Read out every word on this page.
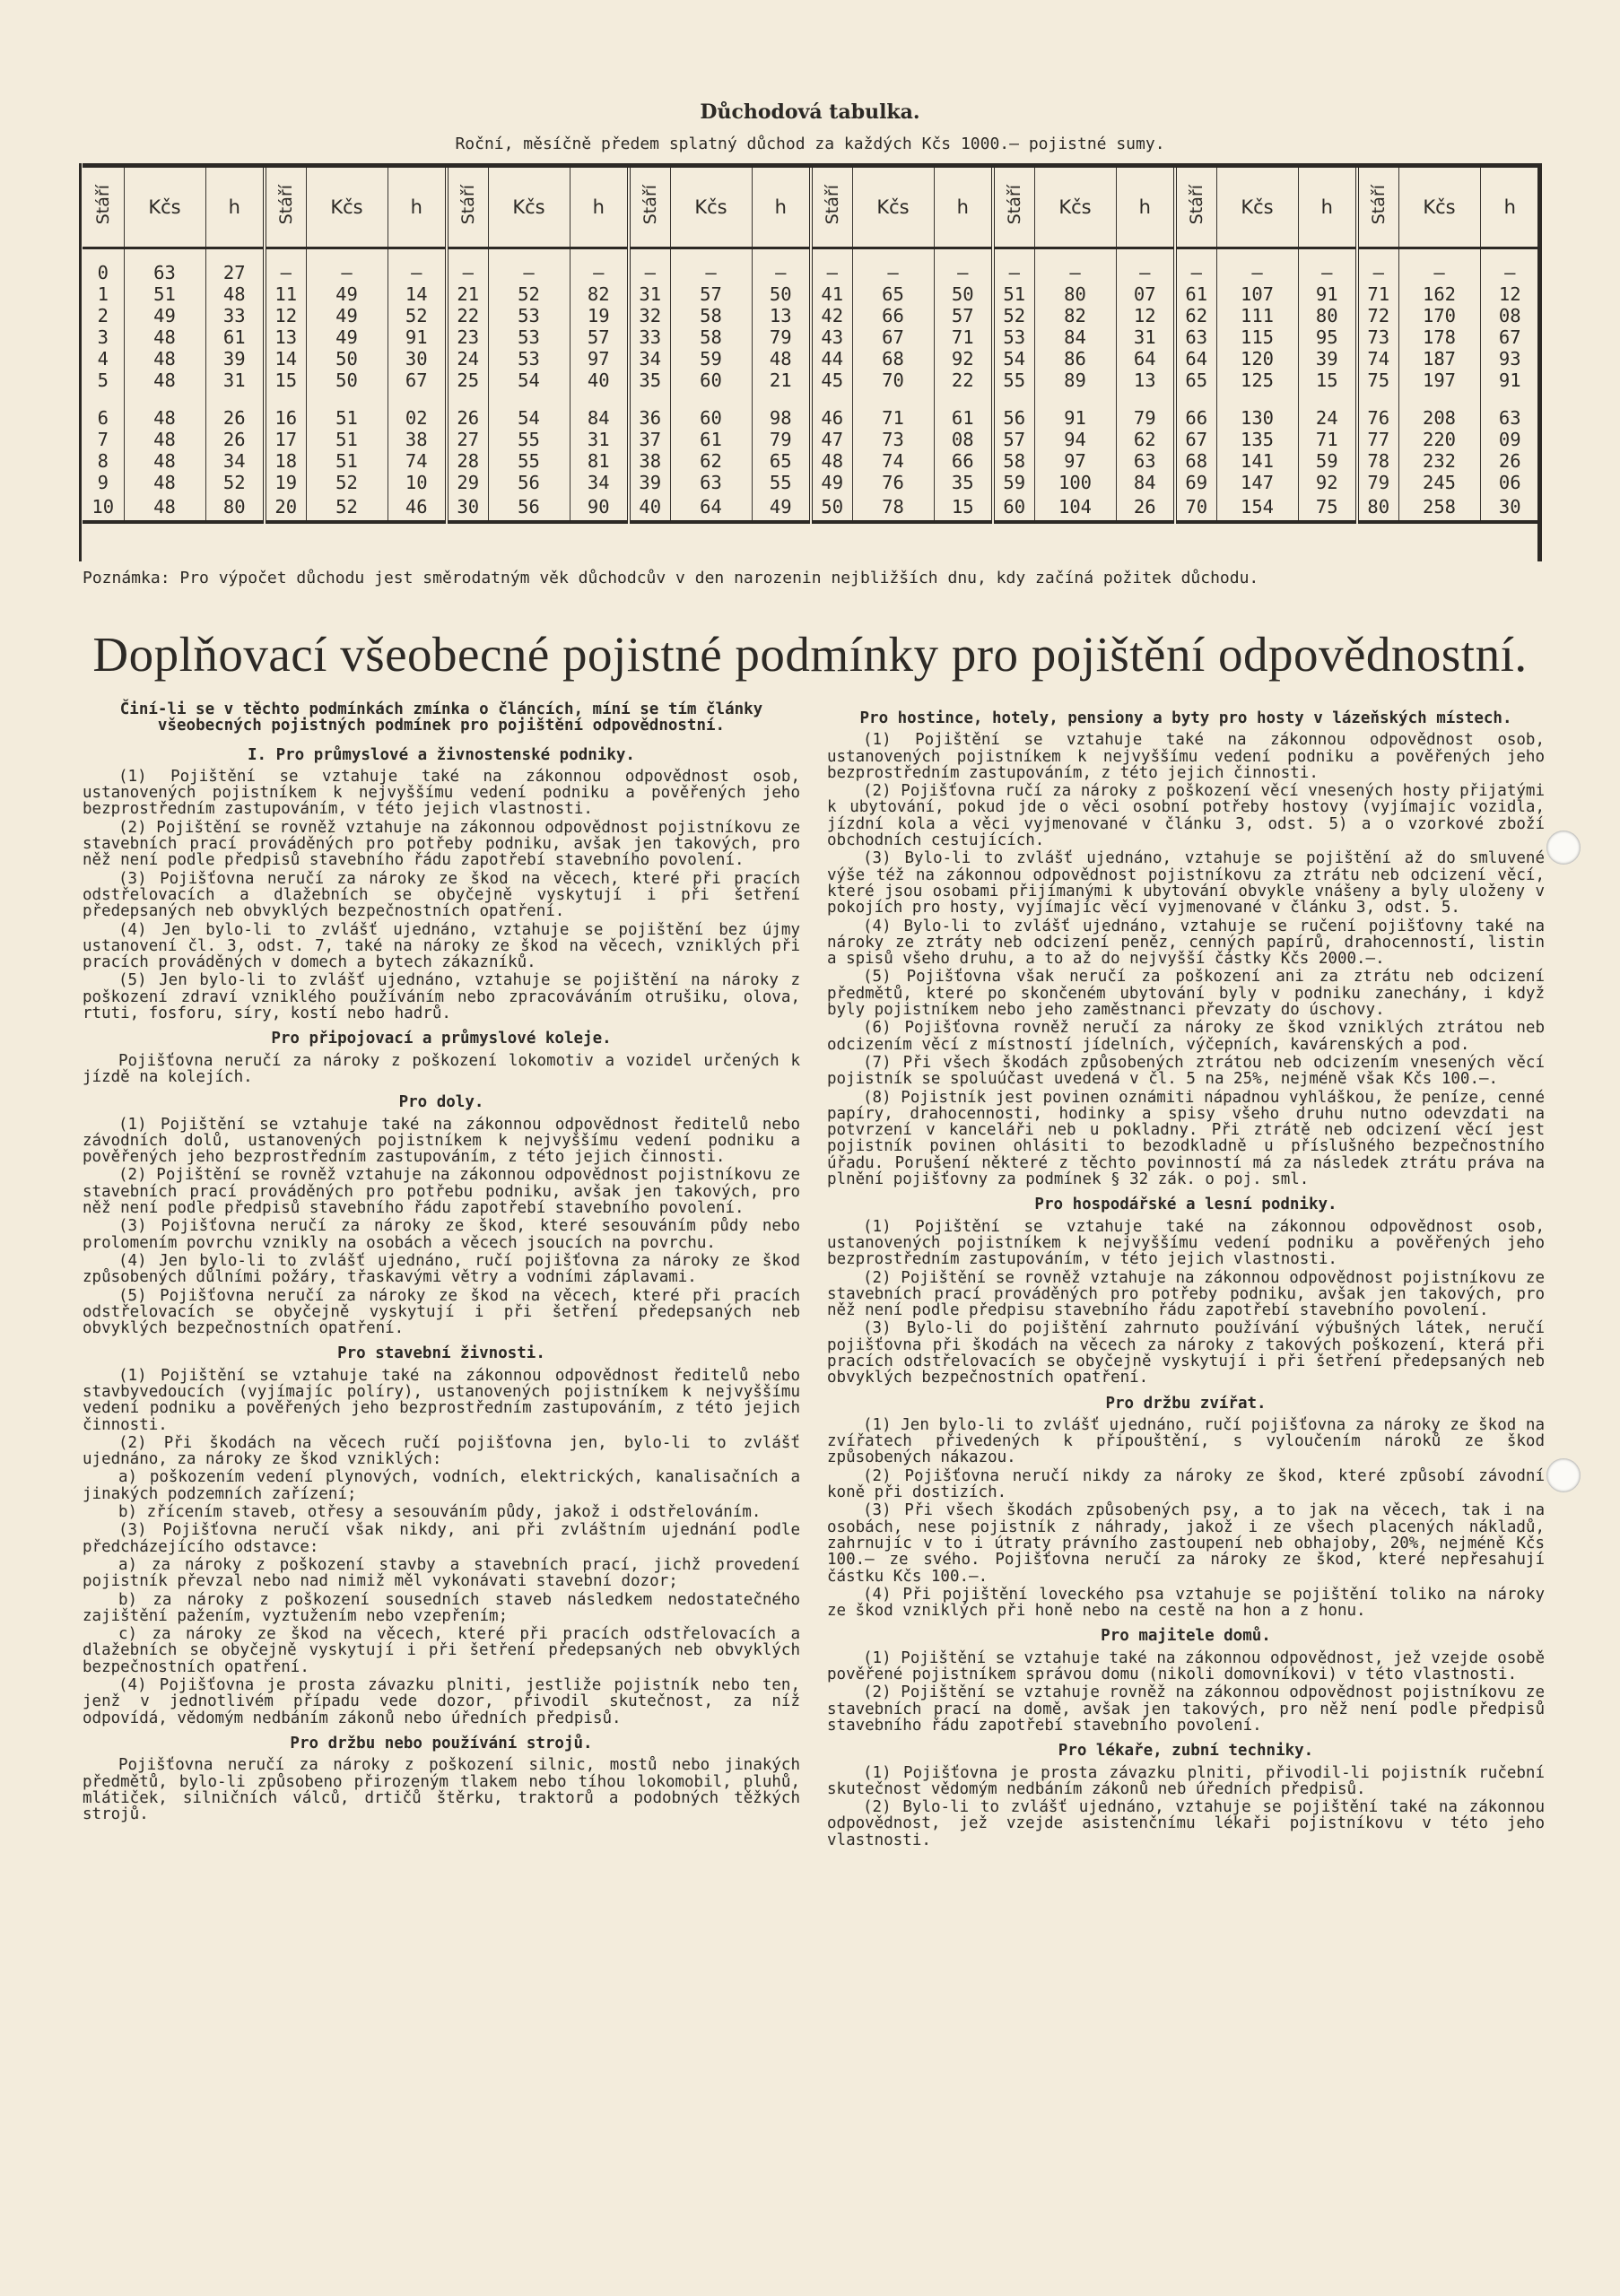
Důchodová tabulka.
Roční, měsíčně předem splatný důchod za každých Kčs 1000.— pojistné sumy.
Stáří	Kčs	h	Stáří	Kčs	h	Stáří	Kčs	h	Stáří	Kčs	h	Stáří	Kčs	h	Stáří	Kčs	h	Stáří	Kčs	h	Stáří	Kčs	h

0	63	27	—	—	—	—	—	—	—	—	—	—	—	—	—	—	—	—	—	—	—	—	—
1	51	48	11	49	14	21	52	82	31	57	50	41	65	50	51	80	07	61	107	91	71	162	12
2	49	33	12	49	52	22	53	19	32	58	13	42	66	57	52	82	12	62	111	80	72	170	08
3	48	61	13	49	91	23	53	57	33	58	79	43	67	71	53	84	31	63	115	95	73	178	67
4	48	39	14	50	30	24	53	97	34	59	48	44	68	92	54	86	64	64	120	39	74	187	93
5	48	31	15	50	67	25	54	40	35	60	21	45	70	22	55	89	13	65	125	15	75	197	91

6	48	26	16	51	02	26	54	84	36	60	98	46	71	61	56	91	79	66	130	24	76	208	63
7	48	26	17	51	38	27	55	31	37	61	79	47	73	08	57	94	62	67	135	71	77	220	09
8	48	34	18	51	74	28	55	81	38	62	65	48	74	66	58	97	63	68	141	59	78	232	26
9	48	52	19	52	10	29	56	34	39	63	55	49	76	35	59	100	84	69	147	92	79	245	06
10	48	80	20	52	46	30	56	90	40	64	49	50	78	15	60	104	26	70	154	75	80	258	30
Poznámka: Pro výpočet důchodu jest směrodatným věk důchodcův v den narozenin nejbližších dnu, kdy začíná požitek důchodu.
Doplňovací všeobecné pojistné podmínky pro pojištění odpovědnostní.

Činí-li se v těchto podmínkách zmínka o článcích, míní se tím články všeobecných pojistných podmínek pro pojištění odpovědnostní.

I. Pro průmyslové a živnostenské podniky.

(1) Pojištění se vztahuje také na zákonnou odpovědnost osob, ustanovených pojistníkem k nejvyššímu vedení podniku a pověřených jeho bezprostředním zastupováním, v této jejich vlastnosti.

(2) Pojištění se rovněž vztahuje na zákonnou odpovědnost pojistníkovu ze stavebních prací prováděných pro potřeby podniku, avšak jen takových, pro něž není podle předpisů stavebního řádu zapotřebí stavebního povolení.

(3) Pojišťovna neručí za nároky ze škod na věcech, které při pracích odstřelovacích a dlažebních se obyčejně vyskytují i při šetření předepsaných neb obvyklých bezpečnostních opatření.

(4) Jen bylo-li to zvlášť ujednáno, vztahuje se pojištění bez újmy ustanovení čl. 3, odst. 7, také na nároky ze škod na věcech, vzniklých při pracích prováděných v domech a bytech zákazníků.

(5) Jen bylo-li to zvlášť ujednáno, vztahuje se pojištění na nároky z poškození zdraví vzniklého používáním nebo zpracováváním otrušiku, olova, rtuti, fosforu, síry, kostí nebo hadrů.

Pro připojovací a průmyslové koleje.

Pojišťovna neručí za nároky z poškození lokomotiv a vozidel určených k jízdě na kolejích.

Pro doly.

(1) Pojištění se vztahuje také na zákonnou odpovědnost ředitelů nebo závodních dolů, ustanovených pojistníkem k nejvyššímu vedení podniku a pověřených jeho bezprostředním zastupováním, z této jejich činnosti.

(2) Pojištění se rovněž vztahuje na zákonnou odpovědnost pojistníkovu ze stavebních prací prováděných pro potřebu podniku, avšak jen takových, pro něž není podle předpisů stavebního řádu zapotřebí stavebního povolení.

(3) Pojišťovna neručí za nároky ze škod, které sesouváním půdy nebo prolomením povrchu vznikly na osobách a věcech jsoucích na povrchu.

(4) Jen bylo-li to zvlášť ujednáno, ručí pojišťovna za nároky ze škod způsobených důlními požáry, třaskavými větry a vodními záplavami.

(5) Pojišťovna neručí za nároky ze škod na věcech, které při pracích odstřelovacích se obyčejně vyskytují i při šetření předepsaných neb obvyklých bezpečnostních opatření.

Pro stavební živnosti.

(1) Pojištění se vztahuje také na zákonnou odpovědnost ředitelů nebo stavbyvedoucích (vyjímajíc políry), ustanovených pojistníkem k nejvyššímu vedení podniku a pověřených jeho bezprostředním zastupováním, z této jejich činnosti.

(2) Při škodách na věcech ručí pojišťovna jen, bylo-li to zvlášť ujednáno, za nároky ze škod vzniklých:

a) poškozením vedení plynových, vodních, elektrických, kanalisačních a jinakých podzemních zařízení;

b) zřícením staveb, otřesy a sesouváním půdy, jakož i odstřelováním.

(3) Pojišťovna neručí však nikdy, ani při zvláštním ujednání podle předcházejícího odstavce:

a) za nároky z poškození stavby a stavebních prací, jichž provedení pojistník převzal nebo nad nimiž měl vykonávati stavební dozor;

b) za nároky z poškození sousedních staveb následkem nedostatečného zajištění pažením, vyztužením nebo vzepřením;

c) za nároky ze škod na věcech, které při pracích odstřelovacích a dlažebních se obyčejně vyskytují i při šetření předepsaných neb obvyklých bezpečnostních opatření.

(4) Pojišťovna je prosta závazku plniti, jestliže pojistník nebo ten, jenž v jednotlivém případu vede dozor, přivodil skutečnost, za níž odpovídá, vědomým nedbáním zákonů nebo úředních předpisů.

Pro držbu nebo používání strojů.

Pojišťovna neručí za nároky z poškození silnic, mostů nebo jinakých předmětů, bylo-li způsobeno přirozeným tlakem nebo tíhou lokomobil, pluhů, mlátiček, silničních válců, drtičů štěrku, traktorů a podobných těžkých strojů.

Pro hostince, hotely, pensiony a byty pro hosty v lázeňských místech.

(1) Pojištění se vztahuje také na zákonnou odpovědnost osob, ustanovených pojistníkem k nejvyššímu vedení podniku a pověřených jeho bezprostředním zastupováním, z této jejich činnosti.

(2) Pojišťovna ručí za nároky z poškození věcí vnesených hosty přijatými k ubytování, pokud jde o věci osobní potřeby hostovy (vyjímajíc vozidla, jízdní kola a věci vyjmenované v článku 3, odst. 5) a o vzorkové zboží obchodních cestujících.

(3) Bylo-li to zvlášť ujednáno, vztahuje se pojištění až do smluvené výše též na zákonnou odpovědnost pojistníkovu za ztrátu neb odcizení věcí, které jsou osobami přijímanými k ubytování obvykle vnášeny a byly uloženy v pokojích pro hosty, vyjímajíc věcí vyjmenované v článku 3, odst. 5.

(4) Bylo-li to zvlášť ujednáno, vztahuje se ručení pojišťovny také na nároky ze ztráty neb odcizení peněz, cenných papírů, drahocenností, listin a spisů všeho druhu, a to až do nejvyšší částky Kčs 2000.—.

(5) Pojišťovna však neručí za poškození ani za ztrátu neb odcizení předmětů, které po skončeném ubytování byly v podniku zanechány, i když byly pojistníkem nebo jeho zaměstnanci převzaty do úschovy.

(6) Pojišťovna rovněž neručí za nároky ze škod vzniklých ztrátou neb odcizením věcí z místností jídelních, výčepních, kavárenských a pod.

(7) Při všech škodách způsobených ztrátou neb odcizením vnesených věcí pojistník se spoluúčast uvedená v čl. 5 na 25%, nejméně však Kčs 100.—.

(8) Pojistník jest povinen oznámiti nápadnou vyhláškou, že peníze, cenné papíry, drahocennosti, hodinky a spisy všeho druhu nutno odevzdati na potvrzení v kanceláři neb u pokladny. Při ztrátě neb odcizení věcí jest pojistník povinen ohlásiti to bezodkladně u příslušného bezpečnostního úřadu. Porušení některé z těchto povinností má za následek ztrátu práva na plnění pojišťovny za podmínek § 32 zák. o poj. sml.

Pro hospodářské a lesní podniky.

(1) Pojištění se vztahuje také na zákonnou odpovědnost osob, ustanovených pojistníkem k nejvyššímu vedení podniku a pověřených jeho bezprostředním zastupováním, v této jejich vlastnosti.

(2) Pojištění se rovněž vztahuje na zákonnou odpovědnost pojistníkovu ze stavebních prací prováděných pro potřeby podniku, avšak jen takových, pro něž není podle předpisu stavebního řádu zapotřebí stavebního povolení.

(3) Bylo-li do pojištění zahrnuto používání výbušných látek, neručí pojišťovna při škodách na věcech za nároky z takových poškození, která při pracích odstřelovacích se obyčejně vyskytují i při šetření předepsaných neb obvyklých bezpečnostních opatření.

Pro držbu zvířat.

(1) Jen bylo-li to zvlášť ujednáno, ručí pojišťovna za nároky ze škod na zvířatech přivedených k připouštění, s vyloučením nároků ze škod způsobených nákazou.

(2) Pojišťovna neručí nikdy za nároky ze škod, které způsobí závodní koně při dostizích.

(3) Při všech škodách způsobených psy, a to jak na věcech, tak i na osobách, nese pojistník z náhrady, jakož i ze všech placených nákladů, zahrnujíc v to i útraty právního zastoupení neb obhajoby, 20%, nejméně Kčs 100.— ze svého. Pojišťovna neručí za nároky ze škod, které nepřesahují částku Kčs 100.—.

(4) Při pojištění loveckého psa vztahuje se pojištění toliko na nároky ze škod vzniklých při honě nebo na cestě na hon a z honu.

Pro majitele domů.

(1) Pojištění se vztahuje také na zákonnou odpovědnost, jež vzejde osobě pověřené pojistníkem správou domu (nikoli domovníkovi) v této vlastnosti.

(2) Pojištění se vztahuje rovněž na zákonnou odpovědnost pojistníkovu ze stavebních prací na domě, avšak jen takových, pro něž není podle předpisů stavebního řádu zapotřebí stavebního povolení.

Pro lékaře, zubní techniky.

(1) Pojišťovna je prosta závazku plniti, přivodil-li pojistník ručební skutečnost vědomým nedbáním zákonů neb úředních předpisů.

(2) Bylo-li to zvlášť ujednáno, vztahuje se pojištění také na zákonnou odpovědnost, jež vzejde asistenčnímu lékaři pojistníkovu v této jeho vlastnosti.
